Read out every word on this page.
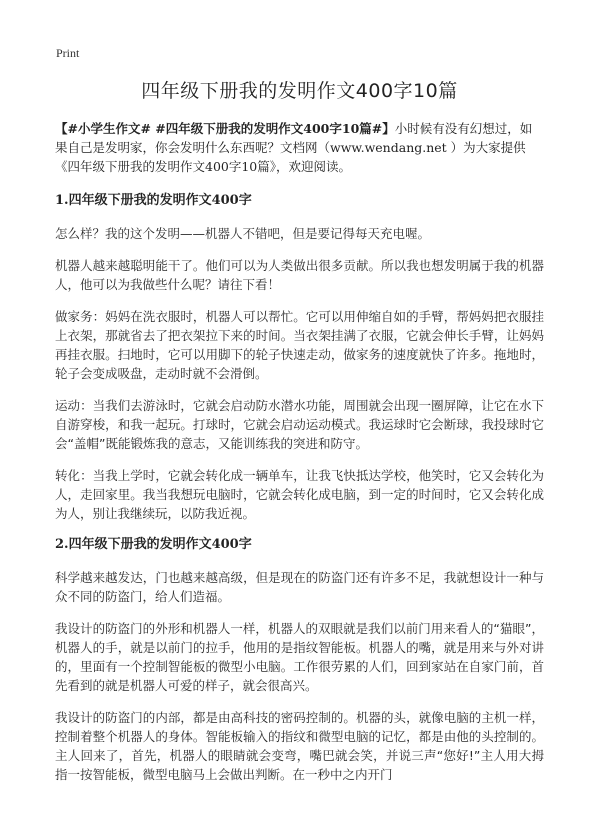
Print
四年级下册我的发明作文400字10篇

【#小学生作文# #四年级下册我的发明作文400字10篇#】小时候有没有幻想过，如果自己是发明家，你会发明什么东西呢？文档网（www.wendang.net ）为大家提供《四年级下册我的发明作文400字10篇》，欢迎阅读。

1.四年级下册我的发明作文400字

怎么样？我的这个发明——机器人不错吧，但是要记得每天充电喔。

机器人越来越聪明能干了。他们可以为人类做出很多贡献。所以我也想发明属于我的机器人，他可以为我做些什么呢？请往下看！

做家务：妈妈在洗衣服时，机器人可以帮忙。它可以用伸缩自如的手臂，帮妈妈把衣服挂上衣架，那就省去了把衣架拉下来的时间。当衣架挂满了衣服，它就会伸长手臂，让妈妈再挂衣服。扫地时，它可以用脚下的轮子快速走动，做家务的速度就快了许多。拖地时，轮子会变成吸盘，走动时就不会滑倒。

运动：当我们去游泳时，它就会启动防水潜水功能，周围就会出现一圈屏障，让它在水下自游穿梭，和我一起玩。打球时，它就会启动运动模式。我运球时它会断球，我投球时它会“盖帽”既能锻炼我的意志，又能训练我的突进和防守。

转化：当我上学时，它就会转化成一辆单车，让我飞快抵达学校，他笑时，它又会转化为人，走回家里。我当我想玩电脑时，它就会转化成电脑，到一定的时间时，它又会转化成为人，别让我继续玩，以防我近视。

2.四年级下册我的发明作文400字

科学越来越发达，门也越来越高级，但是现在的防盗门还有许多不足，我就想设计一种与众不同的防盗门，给人们造福。

我设计的防盗门的外形和机器人一样，机器人的双眼就是我们以前门用来看人的“猫眼”，机器人的手，就是以前门的拉手，他用的是指纹智能板。机器人的嘴，就是用来与外对讲的，里面有一个控制智能板的微型小电脑。工作很劳累的人们，回到家站在自家门前，首先看到的就是机器人可爱的样子，就会很高兴。

我设计的防盗门的内部，都是由高科技的密码控制的。机器的头，就像电脑的主机一样，控制着整个机器人的身体。智能板输入的指纹和微型电脑的记忆，都是由他的头控制的。主人回来了，首先，机器人的眼睛就会变弯，嘴巴就会笑，并说三声“您好!”主人用大拇指一按智能板，微型电脑马上会做出判断。在一秒中之内开门
